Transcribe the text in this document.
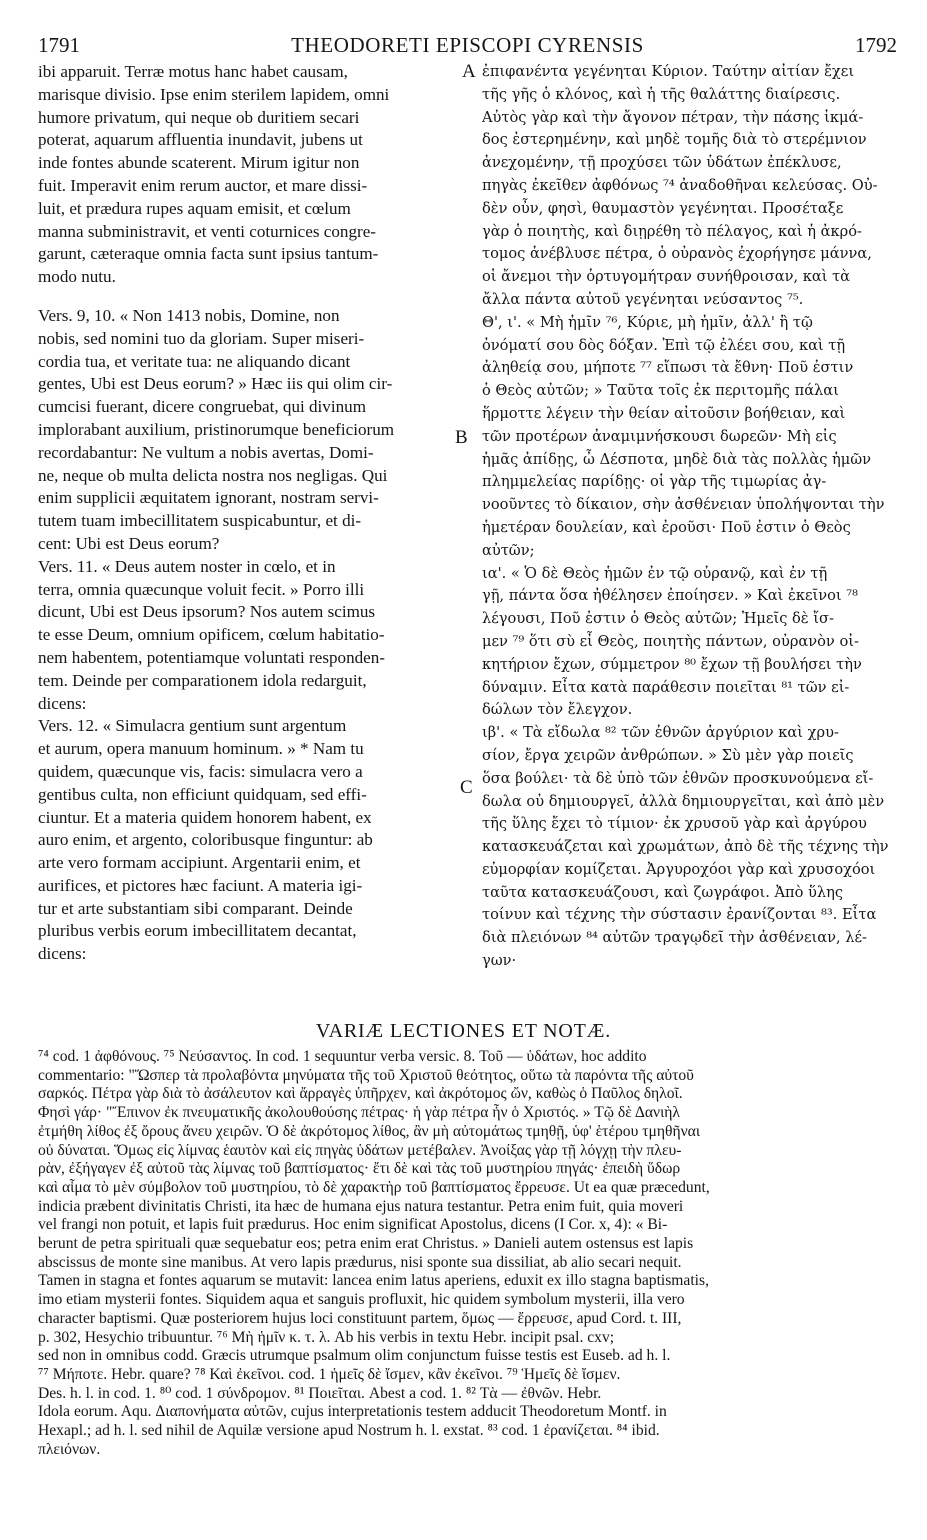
1791	THEODORETI EPISCOPI CYRENSIS	1792
ibi apparuit. Terræ motus hanc habet causam,
marisque divisio. Ipse enim sterilem lapidem, omni
humore privatum, qui neque ob duritiem secari
poterat, aquarum affluentia inundavit, jubens ut
inde fontes abunde scaterent. Mirum igitur non
fuit. Imperavit enim rerum auctor, et mare dissi-
luit, et prædura rupes aquam emisit, et cœlum
manna subministravit, et venti coturnices congre-
garunt, cæteraque omnia facta sunt ipsius tantum-
modo nutu.
Vers. 9, 10. « Non 1413 nobis, Domine, non
nobis, sed nomini tuo da gloriam. Super miseri-
cordia tua, et veritate tua: ne aliquando dicant
gentes, Ubi est Deus eorum? » Hæc iis qui olim cir-
cumcisi fuerant, dicere congruebat, qui divinum
implorabant auxilium, pristinorumque beneficiorum
recordabantur: Ne vultum a nobis avertas, Domi-
ne, neque ob multa delicta nostra nos negligas. Qui
enim supplicii æquitatem ignorant, nostram servi-
tutem tuam imbecillitatem suspicabuntur, et di-
cent: Ubi est Deus eorum?
Vers. 11. « Deus autem noster in cœlo, et in
terra, omnia quæcunque voluit fecit. » Porro illi
dicunt, Ubi est Deus ipsorum? Nos autem scimus
te esse Deum, omnium opificem, cœlum habitatio-
nem habentem, potentiamque voluntati responden-
tem. Deinde per comparationem idola redarguit,
dicens:
Vers. 12. « Simulacra gentium sunt argentum
et aurum, opera manuum hominum. » * Nam tu
quidem, quæcunque vis, facis: simulacra vero a
gentibus culta, non efficiunt quidquam, sed effi-
ciuntur. Et a materia quidem honorem habent, ex
auro enim, et argento, coloribusque finguntur: ab
arte vero formam accipiunt. Argentarii enim, et
aurifices, et pictores hæc faciunt. A materia igi-
tur et arte substantiam sibi comparant. Deinde
pluribus verbis eorum imbecillitatem decantat,
dicens:
ἐπιφανέντα γεγένηται Κύριον. Ταύτην αἰτίαν ἔχει
τῆς γῆς ὁ κλόνος, καὶ ἡ τῆς θαλάττης διαίρεσις.
Αὐτὸς γὰρ καὶ τὴν ἄγονον πέτραν, τὴν πάσης ἰκμά-
δος ἐστερημένην, καὶ μηδὲ τομῆς διὰ τὸ στερέμνιον
ἀνεχομένην, τῇ προχύσει τῶν ὑδάτων ἐπέκλυσε,
πηγὰς ἐκεῖθεν ἀφθόνως ⁷⁴ ἀναδοθῆναι κελεύσας. Οὐ-
δὲν οὖν, φησὶ, θαυμαστὸν γεγένηται. Προσέταξε
γὰρ ὁ ποιητὴς, καὶ διῃρέθη τὸ πέλαγος, καὶ ἡ ἀκρό-
τομος ἀνέβλυσε πέτρα, ὁ οὐρανὸς ἐχορήγησε μάννα,
οἱ ἄνεμοι τὴν ὀρτυγομήτραν συνήθροισαν, καὶ τὰ
ἄλλα πάντα αὐτοῦ γεγένηται νεύσαντος ⁷⁵.
Θ', ι'. « Μὴ ἡμῖν ⁷⁶, Κύριε, μὴ ἡμῖν, ἀλλ' ἢ τῷ
ὀνόματί σου δὸς δόξαν. Ἐπὶ τῷ ἐλέει σου, καὶ τῇ
ἀληθείᾳ σου, μήποτε ⁷⁷ εἴπωσι τὰ ἔθνη· Ποῦ ἐστιν
ὁ Θεὸς αὐτῶν; » Ταῦτα τοῖς ἐκ περιτομῆς πάλαι
ἥρμοττε λέγειν τὴν θείαν αἰτοῦσιν βοήθειαν, καὶ
τῶν προτέρων ἀναμιμνήσκουσι δωρεῶν· Μὴ εἰς
ἡμᾶς ἀπίδῃς, ὦ Δέσποτα, μηδὲ διὰ τὰς πολλὰς ἡμῶν
πλημμελείας παρίδῃς· οἱ γὰρ τῆς τιμωρίας ἀγ-
νοοῦντες τὸ δίκαιον, σὴν ἀσθένειαν ὑπολήψονται τὴν
ἡμετέραν δουλείαν, καὶ ἐροῦσι· Ποῦ ἐστιν ὁ Θεὸς
αὐτῶν;
ια'. « Ὁ δὲ Θεὸς ἡμῶν ἐν τῷ οὐρανῷ, καὶ ἐν τῇ
γῇ, πάντα ὅσα ἠθέλησεν ἐποίησεν. » Καὶ ἐκεῖνοι ⁷⁸
λέγουσι, Ποῦ ἐστιν ὁ Θεὸς αὐτῶν; Ἡμεῖς δὲ ἴσ-
μεν ⁷⁹ ὅτι σὺ εἶ Θεὸς, ποιητὴς πάντων, οὐρανὸν οἰ-
κητήριον ἔχων, σύμμετρον ⁸⁰ ἔχων τῇ βουλήσει τὴν
δύναμιν. Εἶτα κατὰ παράθεσιν ποιεῖται ⁸¹ τῶν εἰ-
δώλων τὸν ἔλεγχον.
ιβ'. « Τὰ εἴδωλα ⁸² τῶν ἐθνῶν ἀργύριον καὶ χρυ-
σίον, ἔργα χειρῶν ἀνθρώπων. » Σὺ μὲν γὰρ ποιεῖς
ὅσα βούλει· τὰ δὲ ὑπὸ τῶν ἐθνῶν προσκυνούμενα εἴ-
δωλα οὐ δημιουργεῖ, ἀλλὰ δημιουργεῖται, καὶ ἀπὸ μὲν
τῆς ὕλης ἔχει τὸ τίμιον· ἐκ χρυσοῦ γὰρ καὶ ἀργύρου
κατασκευάζεται καὶ χρωμάτων, ἀπὸ δὲ τῆς τέχνης τὴν
εὐμορφίαν κομίζεται. Ἀργυροχόοι γὰρ καὶ χρυσοχόοι
ταῦτα κατασκευάζουσι, καὶ ζωγράφοι. Ἀπὸ ὕλης
τοίνυν καὶ τέχνης τὴν σύστασιν ἐρανίζονται ⁸³. Εἶτα
διὰ πλειόνων ⁸⁴ αὐτῶν τραγῳδεῖ τὴν ἀσθένειαν, λέ-
γων·
A
B
C
VARIÆ LECTIONES ET NOTÆ.
⁷⁴ cod. 1 ἀφθόνους. ⁷⁵ Νεύσαντος. In cod. 1 sequuntur verba versic. 8. Τοῦ — ὑδάτων, hoc addito
commentario: "Ὥσπερ τὰ προλαβόντα μηνύματα τῆς τοῦ Χριστοῦ θεότητος, οὕτω τὰ παρόντα τῆς αὐτοῦ
σαρκός. Πέτρα γὰρ διὰ τὸ ἀσάλευτον καὶ ἄρραγὲς ὑπῆρχεν, καὶ ἀκρότομος ὤν, καθὼς ὁ Παῦλος δηλοῖ.
Φησὶ γάρ· "Ἔπινον ἐκ πνευματικῆς ἀκολουθούσης πέτρας· ἡ γὰρ πέτρα ἦν ὁ Χριστός. » Τῷ δὲ Δανιὴλ
ἐτμήθη λίθος ἐξ ὄρους ἄνευ χειρῶν. Ὁ δὲ ἀκρότομος λίθος, ἂν μὴ αὐτομάτως τμηθῇ, ὑφ' ἑτέρου τμηθῆναι
οὐ δύναται. Ὅμως εἰς λίμνας ἑαυτὸν καὶ εἰς πηγὰς ὑδάτων μετέβαλεν. Ἀνοίξας γὰρ τῇ λόγχῃ τὴν πλευ-
ρὰν, ἐξήγαγεν ἐξ αὐτοῦ τὰς λίμνας τοῦ βαπτίσματος· ἔτι δὲ καὶ τὰς τοῦ μυστηρίου πηγάς· ἐπειδὴ ὕδωρ
καὶ αἷμα τὸ μὲν σύμβολον τοῦ μυστηρίου, τὸ δὲ χαρακτὴρ τοῦ βαπτίσματος ἔρρευσε. Ut ea quæ præcedunt,
indicia præbent divinitatis Christi, ita hæc de humana ejus natura testantur. Petra enim fuit, quia moveri
vel frangi non potuit, et lapis fuit prædurus. Hoc enim significat Apostolus, dicens (I Cor. x, 4): « Bi-
berunt de petra spirituali quæ sequebatur eos; petra enim erat Christus. » Danieli autem ostensus est lapis
abscissus de monte sine manibus. At vero lapis prædurus, nisi sponte sua dissiliat, ab alio secari nequit.
Tamen in stagna et fontes aquarum se mutavit: lancea enim latus aperiens, eduxit ex illo stagna baptismatis,
imo etiam mysterii fontes. Siquidem aqua et sanguis profluxit, hic quidem symbolum mysterii, illa vero
character baptismi. Quæ posteriorem hujus loci constituunt partem, ὅμως — ἔρρευσε, apud Cord. t. III,
p. 302, Hesychio tribuuntur. ⁷⁶ Μὴ ἡμῖν κ. τ. λ. Ab his verbis in textu Hebr. incipit psal. cxv;
sed non in omnibus codd. Græcis utrumque psalmum olim conjunctum fuisse testis est Euseb. ad h. l.
⁷⁷ Μήποτε. Hebr. quare? ⁷⁸ Καὶ ἐκεῖνοι. cod. 1 ἡμεῖς δὲ ἴσμεν, κἂν ἐκεῖνοι. ⁷⁹ Ἡμεῖς δὲ ἴσμεν.
Des. h. l. in cod. 1. ⁸⁰ cod. 1 σύνδρομον. ⁸¹ Ποιεῖται. Abest a cod. 1. ⁸² Τὰ — ἐθνῶν. Hebr.
Idola eorum. Aqu. Διαπονήματα αὐτῶν, cujus interpretationis testem adducit Theodoretum Montf. in
Hexapl.; ad h. l. sed nihil de Aquilæ versione apud Nostrum h. l. exstat. ⁸³ cod. 1 ἐρανίζεται. ⁸⁴ ibid.
πλειόνων.
